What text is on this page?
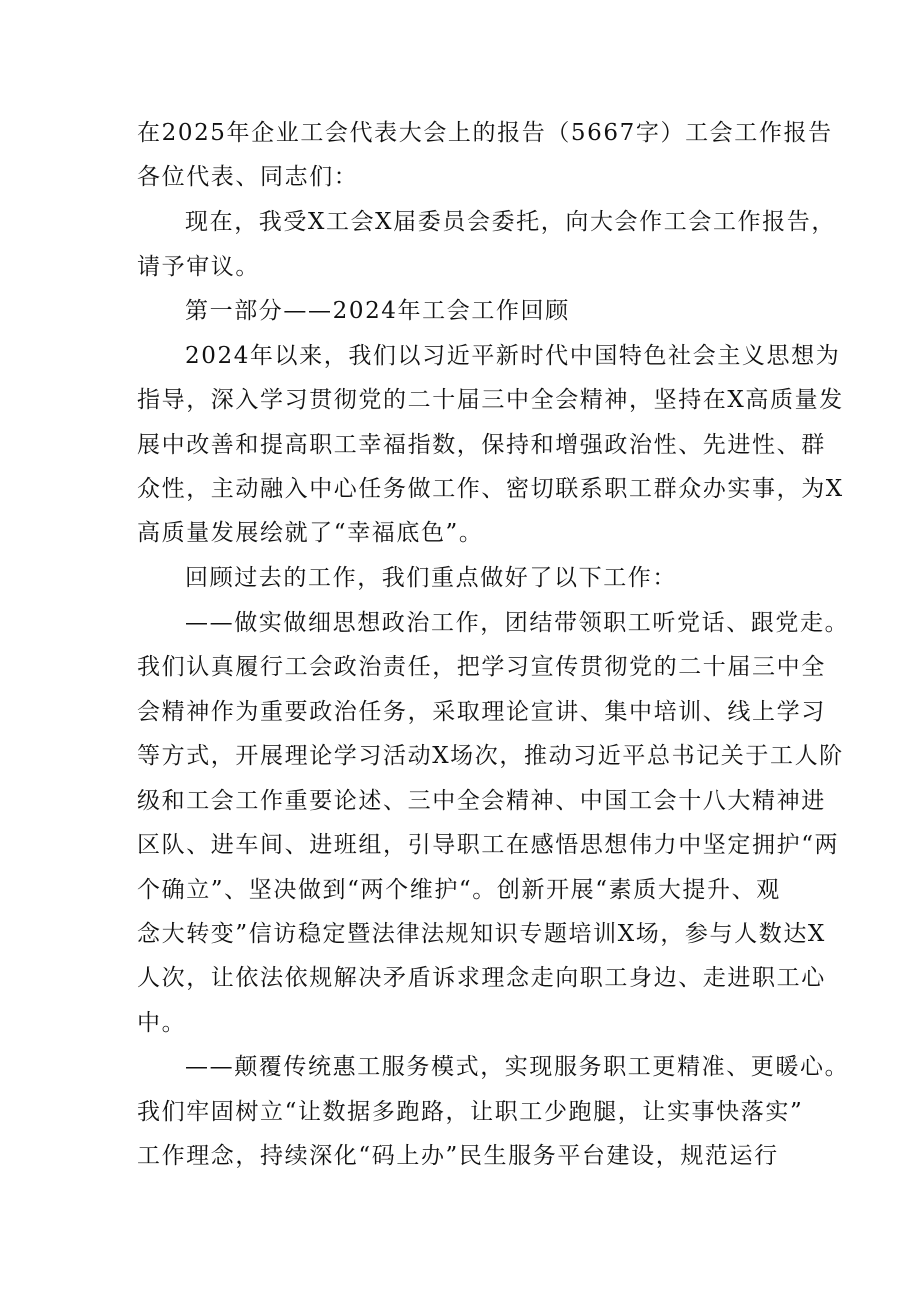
在2025年企业工会代表大会上的报告（5667字）工会工作报告
各位代表、同志们：
现在，我受X工会X届委员会委托，向大会作工会工作报告，
请予审议。
第一部分——2024年工会工作回顾
2024年以来，我们以习近平新时代中国特色社会主义思想为
指导，深入学习贯彻党的二十届三中全会精神，坚持在X高质量发
展中改善和提高职工幸福指数，保持和增强政治性、先进性、群
众性，主动融入中心任务做工作、密切联系职工群众办实事，为X
高质量发展绘就了“幸福底色”。
回顾过去的工作，我们重点做好了以下工作：
——做实做细思想政治工作，团结带领职工听党话、跟党走。
我们认真履行工会政治责任，把学习宣传贯彻党的二十届三中全
会精神作为重要政治任务，采取理论宣讲、集中培训、线上学习
等方式，开展理论学习活动X场次，推动习近平总书记关于工人阶
级和工会工作重要论述、三中全会精神、中国工会十八大精神进
区队、进车间、进班组，引导职工在感悟思想伟力中坚定拥护“两
个确立”、坚决做到“两个维护“。创新开展“素质大提升、观
念大转变”信访稳定暨法律法规知识专题培训X场，参与人数达X
人次，让依法依规解决矛盾诉求理念走向职工身边、走进职工心
中。
——颠覆传统惠工服务模式，实现服务职工更精准、更暖心。
我们牢固树立“让数据多跑路，让职工少跑腿，让实事快落实”
工作理念，持续深化“码上办”民生服务平台建设，规范运行
